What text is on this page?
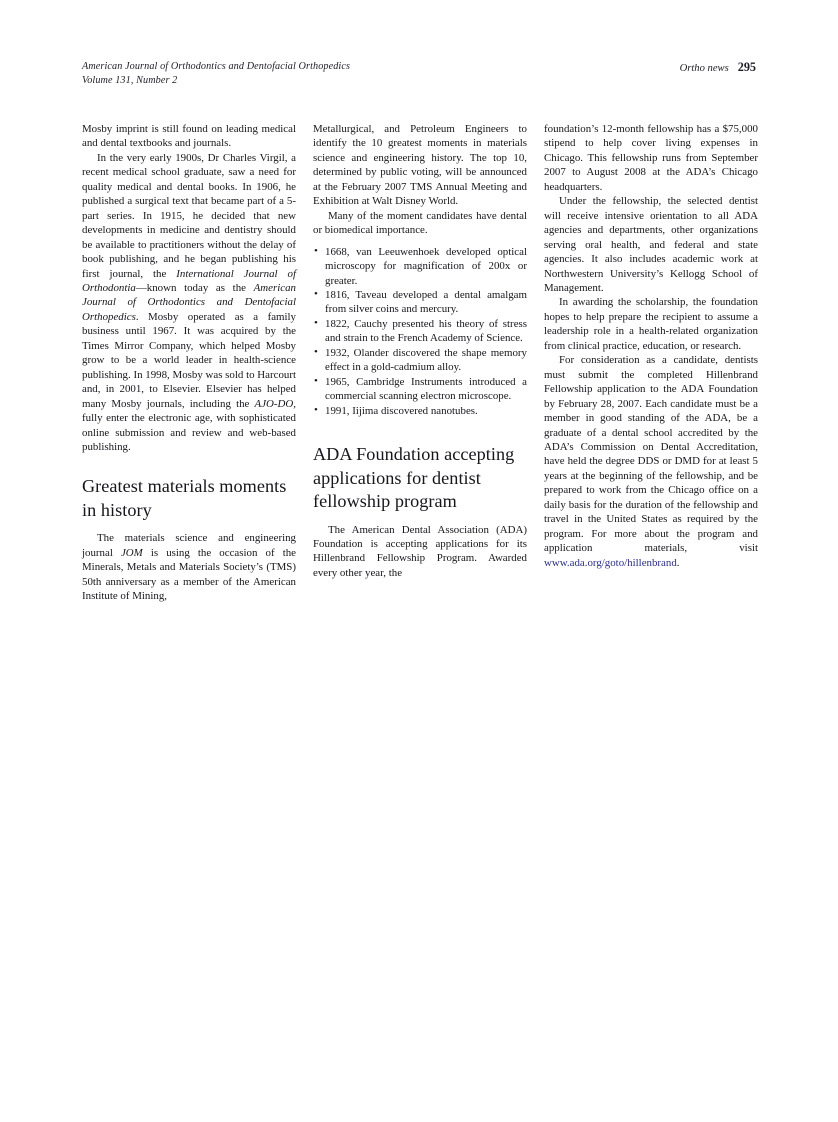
American Journal of Orthodontics and Dentofacial Orthopedics
Volume 131, Number 2
Ortho news 295

Mosby imprint is still found on leading medical and dental textbooks and journals.

In the very early 1900s, Dr Charles Virgil, a recent medical school graduate, saw a need for quality medical and dental books. In 1906, he published a surgical text that became part of a 5-part series. In 1915, he decided that new developments in medicine and dentistry should be available to practitioners without the delay of book publishing, and he began publishing his first journal, the International Journal of Orthodontia—known today as the American Journal of Orthodontics and Dentofacial Orthopedics. Mosby operated as a family business until 1967. It was acquired by the Times Mirror Company, which helped Mosby grow to be a world leader in health-science publishing. In 1998, Mosby was sold to Harcourt and, in 2001, to Elsevier. Elsevier has helped many Mosby journals, including the AJO-DO, fully enter the electronic age, with sophisticated online submission and review and web-based publishing.

Greatest materials moments in history

The materials science and engineering journal JOM is using the occasion of the Minerals, Metals and Materials Society’s (TMS) 50th anniversary as a member of the American Institute of Mining,

Metallurgical, and Petroleum Engineers to identify the 10 greatest moments in materials science and engineering history. The top 10, determined by public voting, will be announced at the February 2007 TMS Annual Meeting and Exhibition at Walt Disney World.

Many of the moment candidates have dental or biomedical importance.

• 1668, van Leeuwenhoek developed optical microscopy for magnification of 200x or greater.
• 1816, Taveau developed a dental amalgam from silver coins and mercury.
• 1822, Cauchy presented his theory of stress and strain to the French Academy of Science.
• 1932, Olander discovered the shape memory effect in a gold-cadmium alloy.
• 1965, Cambridge Instruments introduced a commercial scanning electron microscope.
• 1991, Iijima discovered nanotubes.
ADA Foundation accepting applications for dentist fellowship program

The American Dental Association (ADA) Foundation is accepting applications for its Hillenbrand Fellowship Program. Awarded every other year, the

foundation’s 12-month fellowship has a $75,000 stipend to help cover living expenses in Chicago. This fellowship runs from September 2007 to August 2008 at the ADA’s Chicago headquarters.

Under the fellowship, the selected dentist will receive intensive orientation to all ADA agencies and departments, other organizations serving oral health, and federal and state agencies. It also includes academic work at Northwestern University’s Kellogg School of Management.

In awarding the scholarship, the foundation hopes to help prepare the recipient to assume a leadership role in a health-related organization from clinical practice, education, or research.

For consideration as a candidate, dentists must submit the completed Hillenbrand Fellowship application to the ADA Foundation by February 28, 2007. Each candidate must be a member in good standing of the ADA, be a graduate of a dental school accredited by the ADA’s Commission on Dental Accreditation, have held the degree DDS or DMD for at least 5 years at the beginning of the fellowship, and be prepared to work from the Chicago office on a daily basis for the duration of the fellowship and travel in the United States as required by the program. For more about the program and application materials, visit www.ada.org/goto/hillenbrand.
